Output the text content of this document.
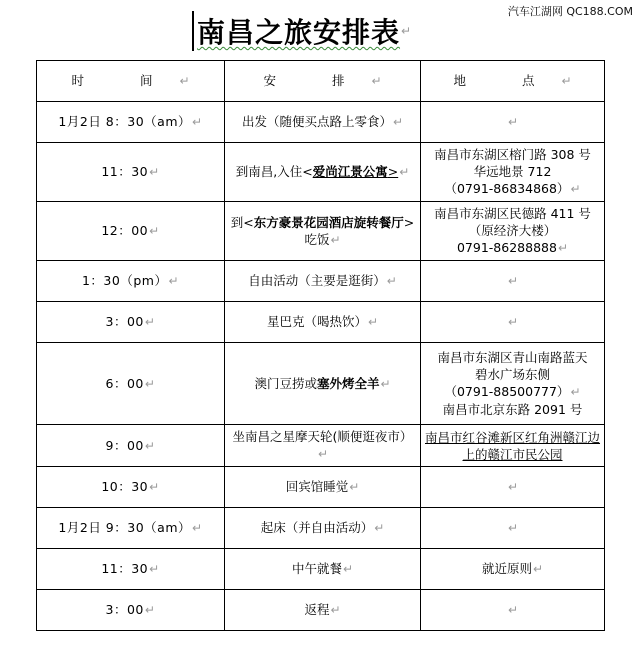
汽车江湖网 QC188.COM
南昌之旅安排表 ↵
时 间↵	安 排↵	地 点↵
1月2日 8：30（am）↵	出发（随便买点路上零食）↵	↵
11：30↵	到南昌,入住<爱尚江景公寓>↵	南昌市东湖区榕门路 308 号
华远地景 712
（0791-86834868）↵
12：00↵	到<东方豪景花园酒店旋转餐厅>吃饭↵	南昌市东湖区民德路 411 号
（原经济大楼）
0791-86288888↵
1：30（pm）↵	自由活动（主要是逛街）↵	↵
3：00↵	星巴克（喝热饮）↵	↵
6：00↵	澳门豆捞或塞外烤全羊↵	南昌市东湖区青山南路蓝天
碧水广场东侧
（0791-88500777）↵
南昌市北京东路 2091 号
9：00↵	坐南昌之星摩天轮(顺便逛夜市）↵	南昌市红谷滩新区红角洲赣江边上的赣江市民公园
10：30↵	回宾馆睡觉↵	↵
1月2日 9：30（am）↵	起床（并自由活动）↵	↵
11：30↵	中午就餐↵	就近原则↵
3：00↵	返程↵	↵
